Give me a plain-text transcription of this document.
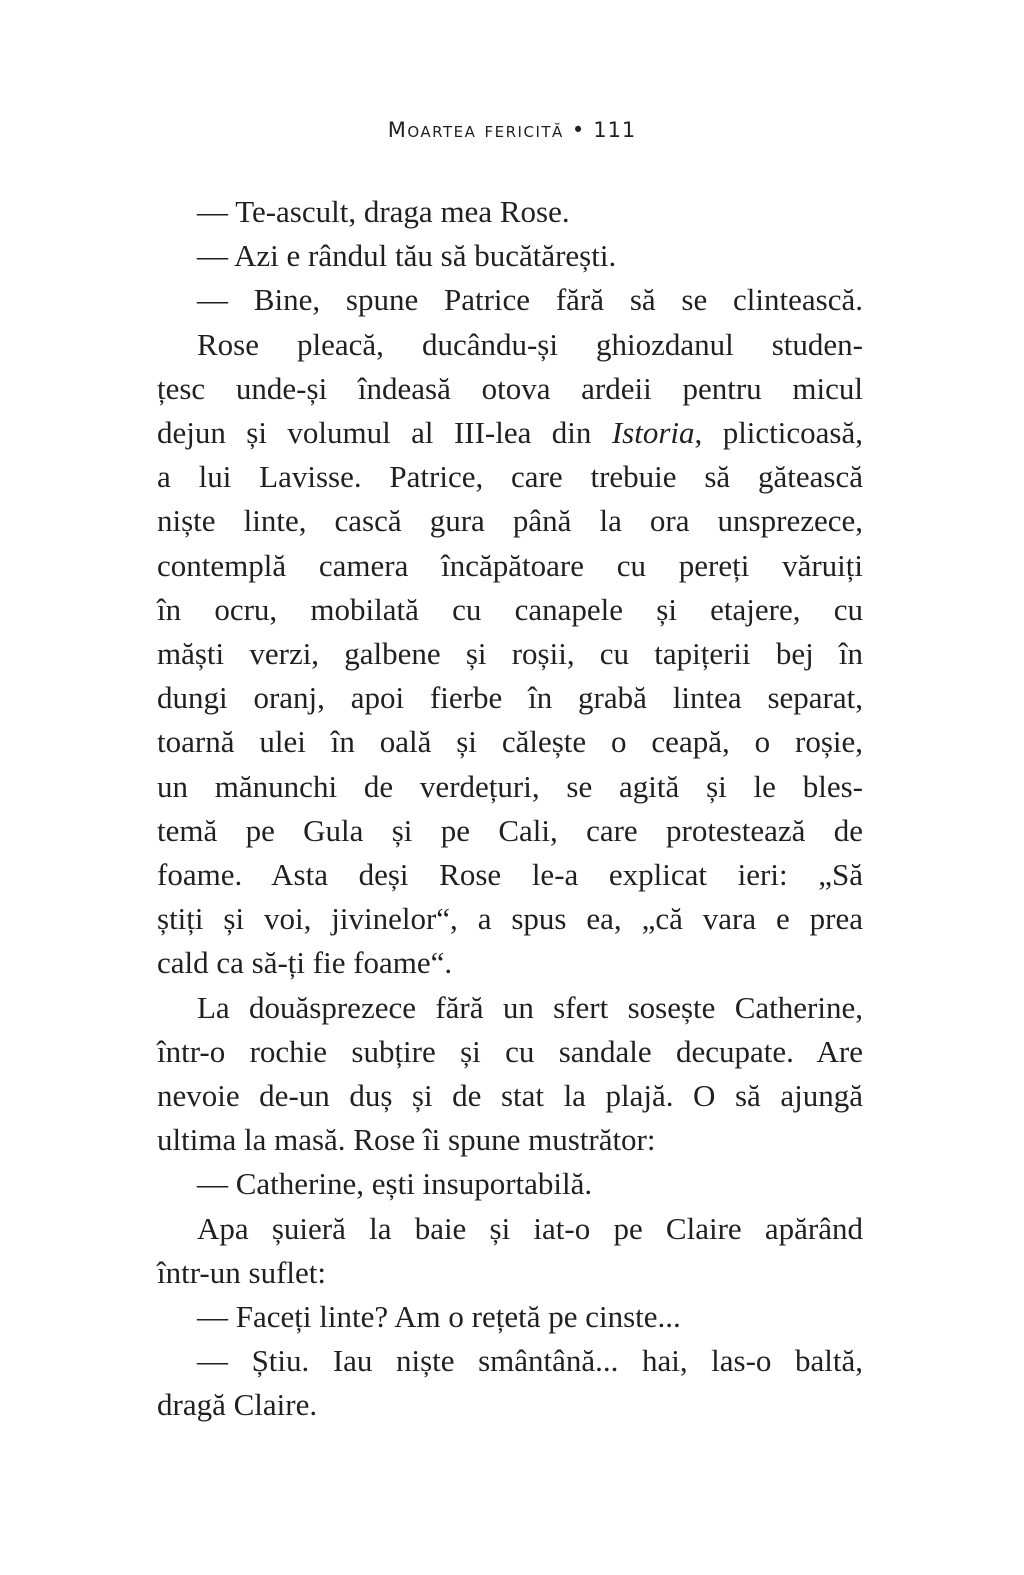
Moartea fericită • 111
— Te-ascult, draga mea Rose.
— Azi e rândul tău să bucătărești.
— Bine, spune Patrice fără să se clintească.
Rose pleacă, ducându-și ghiozdanul studen-
țesc unde-și îndeasă otova ardeii pentru micul
dejun și volumul al III-lea din Istoria, plicticoasă,
a lui Lavisse. Patrice, care trebuie să gătească
niște linte, cască gura până la ora unsprezece,
contemplă camera încăpătoare cu pereți văruiți
în ocru, mobilată cu canapele și etajere, cu
măști verzi, galbene și roșii, cu tapițerii bej în
dungi oranj, apoi fierbe în grabă lintea separat,
toarnă ulei în oală și călește o ceapă, o roșie,
un mănunchi de verdețuri, se agită și le bles-
temă pe Gula și pe Cali, care protestează de
foame. Asta deși Rose le-a explicat ieri: „Să
știți și voi, jivinelor“, a spus ea, „că vara e prea
cald ca să-ți fie foame“.
La douăsprezece fără un sfert sosește Catherine,
într-o rochie subțire și cu sandale decupate. Are
nevoie de-un duș și de stat la plajă. O să ajungă
ultima la masă. Rose îi spune mustrător:
— Catherine, ești insuportabilă.
Apa șuieră la baie și iat-o pe Claire apărând
într-un suflet:
— Faceți linte? Am o rețetă pe cinste...
— Știu. Iau niște smântână... hai, las-o baltă,
dragă Claire.
